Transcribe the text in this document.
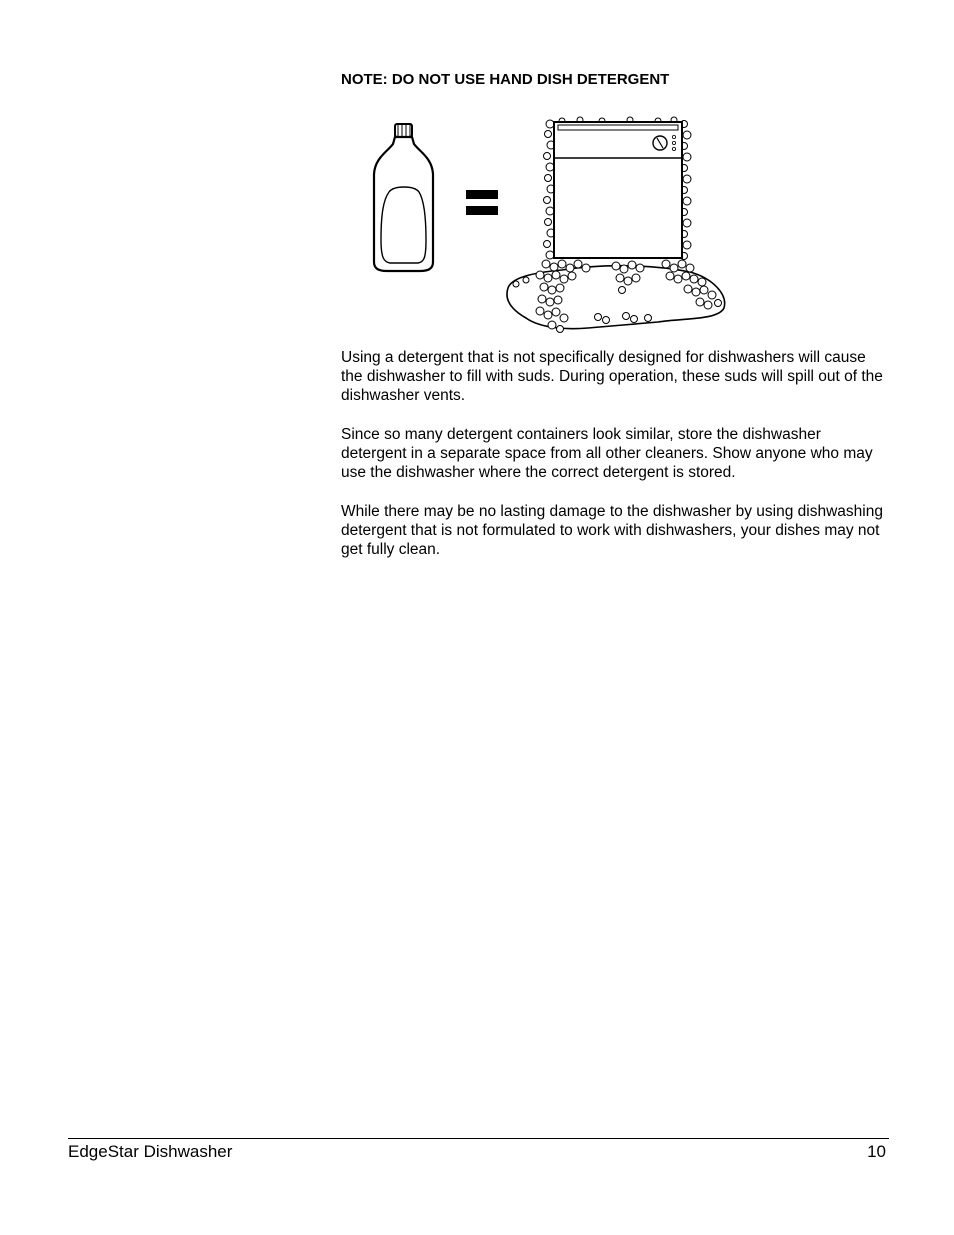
NOTE: DO NOT USE HAND DISH DETERGENT

Using a detergent that is not specifically designed for dishwashers will cause the dishwasher to fill with suds. During operation, these suds will spill out of the dishwasher vents.

Since so many detergent containers look similar, store the dishwasher detergent in a separate space from all other cleaners. Show anyone who may use the dishwasher where the correct detergent is stored.

While there may be no lasting damage to the dishwasher by using dishwashing detergent that is not formulated to work with dishwashers, your dishes may not get fully clean.

EdgeStar Dishwasher	10
